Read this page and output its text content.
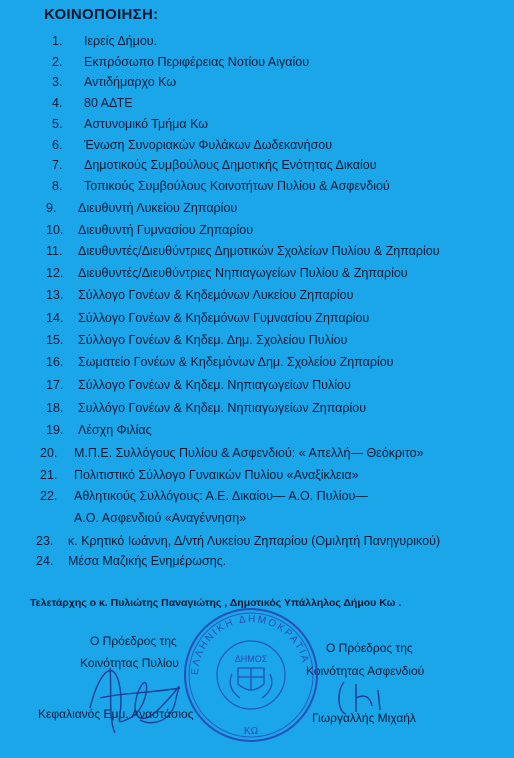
ΚΟΙΝΟΠΟΙΗΣΗ:
1.	Ιερείς Δήμου.
2.	Εκπρόσωπο Περιφέρειας Νοτίου Αιγαίου
3.	Αντιδήμαρχο Κω
4.	80 ΑΔΤΕ
5.	Αστυνομικό Τμήμα Κω
6.	Ένωση Συνοριακών Φυλάκων Δωδεκανήσου
7.	Δημοτικούς Συμβούλους Δημοτικής Ενότητας Δικαίου
8.	Τοπικούς Συμβούλους Κοινοτήτων Πυλίου & Ασφενδιού
9.	Διευθυντή Λυκείου Ζηπαρίου
10.	Διευθυντή Γυμνασίου Ζηπαρίου
11.	Διευθυντές/Διευθύντριες Δημοτικών Σχολείων Πυλίου & Ζηπαρίου
12.	Διευθυντές/Διευθύντριες Νηπιαγωγείων Πυλίου & Ζηπαρίου
13.	Σύλλογο Γονέων & Κηδεμόνων Λυκείου Ζηπαρίου
14.	Σύλλογο Γονέων & Κηδεμόνων Γυμνασίου Ζηπαρίου
15.	Σύλλογο Γονέων & Κηδεμ. Δημ. Σχολείου Πυλίου
16.	Σωματείο Γονέων & Κηδεμόνων Δημ. Σχολείου Ζηπαρίου
17.	Σύλλογο Γονέων & Κηδεμ. Νηπιαγωγείων Πυλίου
18.	Συλλόγο Γονέων & Κηδεμ. Νηπιαγωγείων Ζηπαρίου
19.	Λέσχη Φιλίας
20.	Μ.Π.Ε. Συλλόγους Πυλίου & Ασφενδιού: « Απελλή— Θεόκριτο»
21.	Πολιτιστικό Σύλλογο Γυναικών Πυλίου «Αναξίκλεια»
22.	Αθλητικούς Συλλόγους: Α.Ε. Δικαίου— Α.Ο. Πυλίου—
Α.Ο. Ασφενδιού «Αναγέννηση»
23.	κ. Κρητικό Ιωάννη, Δ/ντή Λυκείου Ζηπαρίου (Ομιλητή Πανηγυρικού)
24.	Μέσα Μαζικής Ενημέρωσης.
Τελετάρχης ο κ. Πυλιώτης Παναγιώτης , Δημοτικός Υπάλληλος Δήμου Κω .
Ο Πρόεδρος της
Κοινότητας Πυλίου
Κεφαλιανός Εμμ. Αναστάσιος
Ο Πρόεδρος της
Κοινότητας Ασφενδιού
Γιωργαλλής Μιχαήλ
ΕΛΛΗΝΙΚΗ ΔΗΜΟΚΡΑΤΙΑ
ΔΗΜΟΣ
ΚΩ
